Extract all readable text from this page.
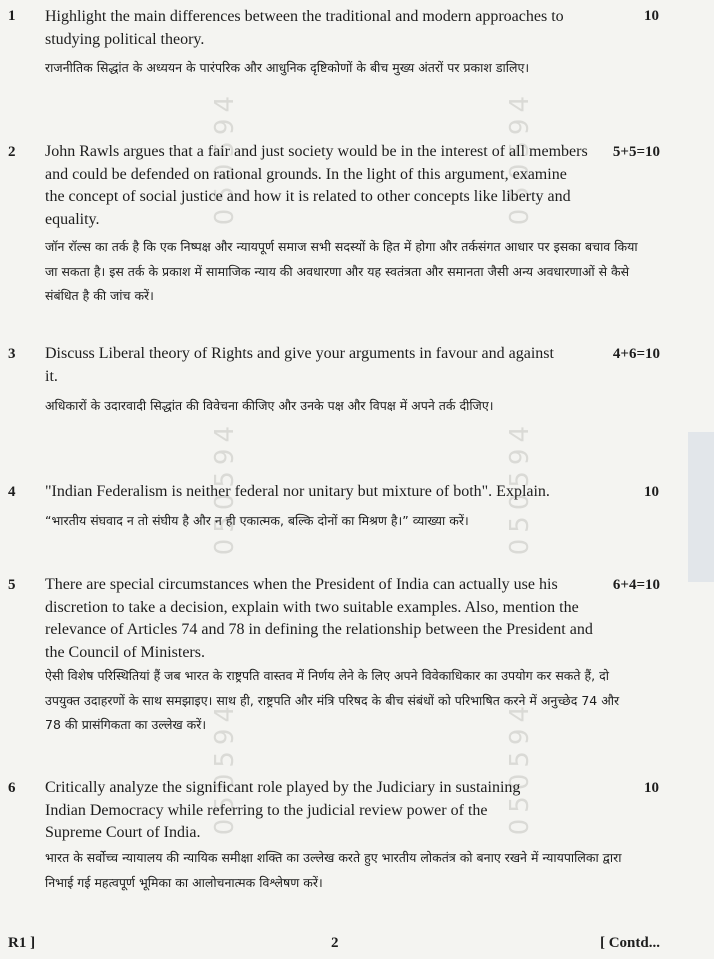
050594	050594
050594	050594
050594	050594
1	10
Highlight the main differences between the traditional and modern approaches to studying political theory.
राजनीतिक सिद्धांत के अध्ययन के पारंपरिक और आधुनिक दृष्टिकोणों के बीच मुख्य अंतरों पर प्रकाश डालिए।
2	5+5=10
John Rawls argues that a fair and just society would be in the interest of all members and could be defended on rational grounds. In the light of this argument, examine the concept of social justice and how it is related to other concepts like liberty and equality.
जॉन रॉल्स का तर्क है कि एक निष्पक्ष और न्यायपूर्ण समाज सभी सदस्यों के हित में होगा और तर्कसंगत आधार पर इसका बचाव किया जा सकता है। इस तर्क के प्रकाश में सामाजिक न्याय की अवधारणा और यह स्वतंत्रता और समानता जैसी अन्य अवधारणाओं से कैसे संबंधित है की जांच करें।
3	4+6=10
Discuss Liberal theory of Rights and give your arguments in favour and against it.
अधिकारों के उदारवादी सिद्धांत की विवेचना कीजिए और उनके पक्ष और विपक्ष में अपने तर्क दीजिए।
4	10
"Indian Federalism is neither federal nor unitary but mixture of both". Explain.
“भारतीय संघवाद न तो संघीय है और न ही एकात्मक, बल्कि दोनों का मिश्रण है।” व्याख्या करें।
5	6+4=10
There are special circumstances when the President of India can actually use his discretion to take a decision, explain with two suitable examples. Also, mention the relevance of Articles 74 and 78 in defining the relationship between the President and the Council of Ministers.
ऐसी विशेष परिस्थितियां हैं जब भारत के राष्ट्रपति वास्तव में निर्णय लेने के लिए अपने विवेकाधिकार का उपयोग कर सकते हैं, दो उपयुक्त उदाहरणों के साथ समझाइए। साथ ही, राष्ट्रपति और मंत्रि परिषद के बीच संबंधों को परिभाषित करने में अनुच्छेद 74 और 78 की प्रासंगिकता का उल्लेख करें।
6	10
Critically analyze the significant role played by the Judiciary in sustaining Indian Democracy while referring to the judicial review power of the Supreme Court of India.
भारत के सर्वोच्च न्यायालय की न्यायिक समीक्षा शक्ति का उल्लेख करते हुए भारतीय लोकतंत्र को बनाए रखने में न्यायपालिका द्वारा निभाई गई महत्वपूर्ण भूमिका का आलोचनात्मक विश्लेषण करें।
R1 ]	2	[ Contd...
